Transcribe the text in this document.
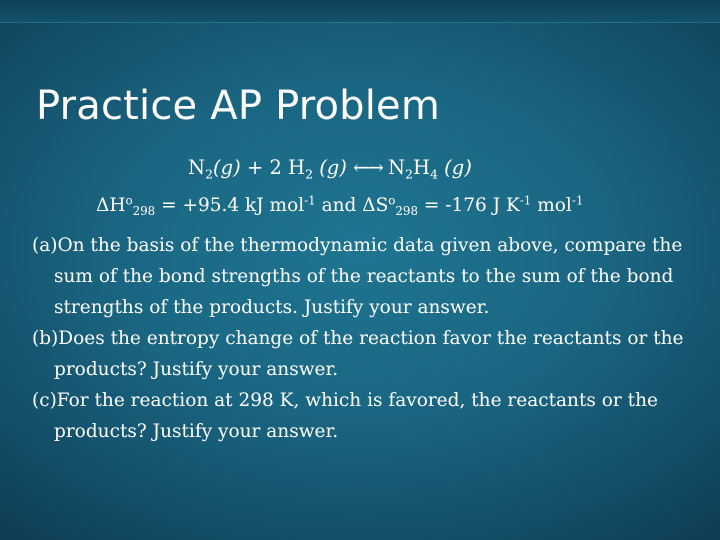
Practice AP Problem
$N_2(g) + 2$ $H_2$ (g) ←→ $N_2H_4$ (g)
$\Delta H^o_{298} = +95.4$ kJ mol$^{-1}$ and $\Delta S^o_{298} = -176$ J $K^{-1}$ mol$^{-1}$

(a)On the basis of the thermodynamic data given above, compare the sum of the bond strengths of the reactants to the sum of the bond strengths of the products. Justify your answer.

(b)Does the entropy change of the reaction favor the reactants or the products? Justify your answer.

(c)For the reaction at 298 K, which is favored, the reactants or the products? Justify your answer.
